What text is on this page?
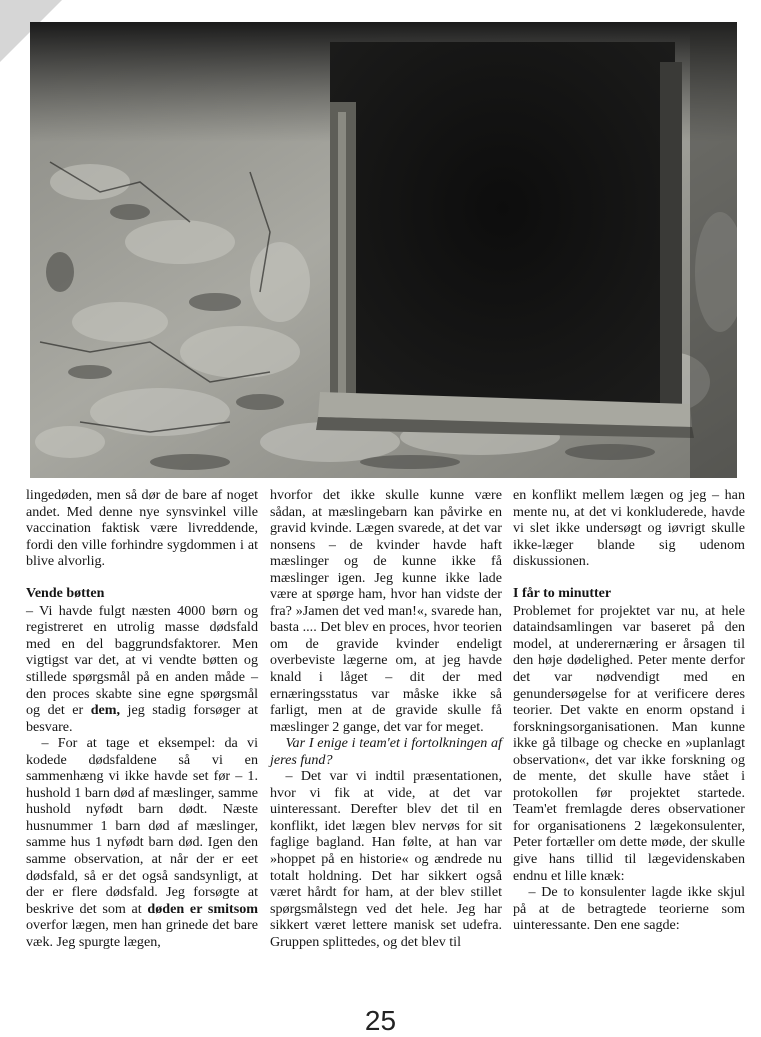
lingedøden, men så dør de bare af noget andet. Med denne nye synsvinkel ville vaccination faktisk være livreddende, fordi den ville forhindre sygdommen i at blive alvorlig.

Vende bøtten

– Vi havde fulgt næsten 4000 børn og registreret en utrolig masse dødsfald med en del baggrundsfaktorer. Men vigtigst var det, at vi vendte bøtten og stillede spørgsmål på en anden måde – den proces skabte sine egne spørgsmål og det er dem, jeg stadig forsøger at besvare.

– For at tage et eksempel: da vi kodede dødsfaldene så vi en sammenhæng vi ikke havde set før – 1. hushold 1 barn død af mæslinger, samme hushold nyfødt barn dødt. Næste husnummer 1 barn død af mæslinger, samme hus 1 nyfødt barn død. Igen den samme observation, at når der er eet dødsfald, så er det også sandsynligt, at der er flere dødsfald. Jeg forsøgte at beskrive det som at døden er smitsom overfor lægen, men han grinede det bare væk. Jeg spurgte lægen,

hvorfor det ikke skulle kunne være sådan, at mæslingebarn kan påvirke en gravid kvinde. Lægen svarede, at det var nonsens – de kvinder havde haft mæslinger og de kunne ikke få mæslinger igen. Jeg kunne ikke lade være at spørge ham, hvor han vidste der fra? »Jamen det ved man!«, svarede han, basta .... Det blev en proces, hvor teorien om de gravide kvinder endeligt overbeviste lægerne om, at jeg havde knald i låget – dit der med ernæringsstatus var måske ikke så farligt, men at de gravide skulle få mæslinger 2 gange, det var for meget.

Var I enige i team'et i fortolkningen af jeres fund?

– Det var vi indtil præsentationen, hvor vi fik at vide, at det var uinteressant. Derefter blev det til en konflikt, idet lægen blev nervøs for sit faglige bagland. Han følte, at han var »hoppet på en historie« og ændrede nu totalt holdning. Det har sikkert også været hårdt for ham, at der blev stillet spørgsmålstegn ved det hele. Jeg har sikkert været lettere manisk set udefra. Gruppen splittedes, og det blev til

en konflikt mellem lægen og jeg – han mente nu, at det vi konkluderede, havde vi slet ikke undersøgt og iøvrigt skulle ikke-læger blande sig udenom diskussionen.

I får to minutter

Problemet for projektet var nu, at hele dataindsamlingen var baseret på den model, at underernæring er årsagen til den høje dødelighed. Peter mente derfor det var nødvendigt med en genundersøgelse for at verificere deres teorier. Det vakte en enorm opstand i forskningsorganisationen. Man kunne ikke gå tilbage og checke en »uplanlagt observation«, det var ikke forskning og de mente, det skulle have stået i protokollen før projektet startede. Team'et fremlagde deres observationer for organisationens 2 lægekonsulenter, Peter fortæller om dette møde, der skulle give hans tillid til lægevidenskaben endnu et lille knæk:

– De to konsulenter lagde ikke skjul på at de betragtede teorierne som uinteressante. Den ene sagde:

25
